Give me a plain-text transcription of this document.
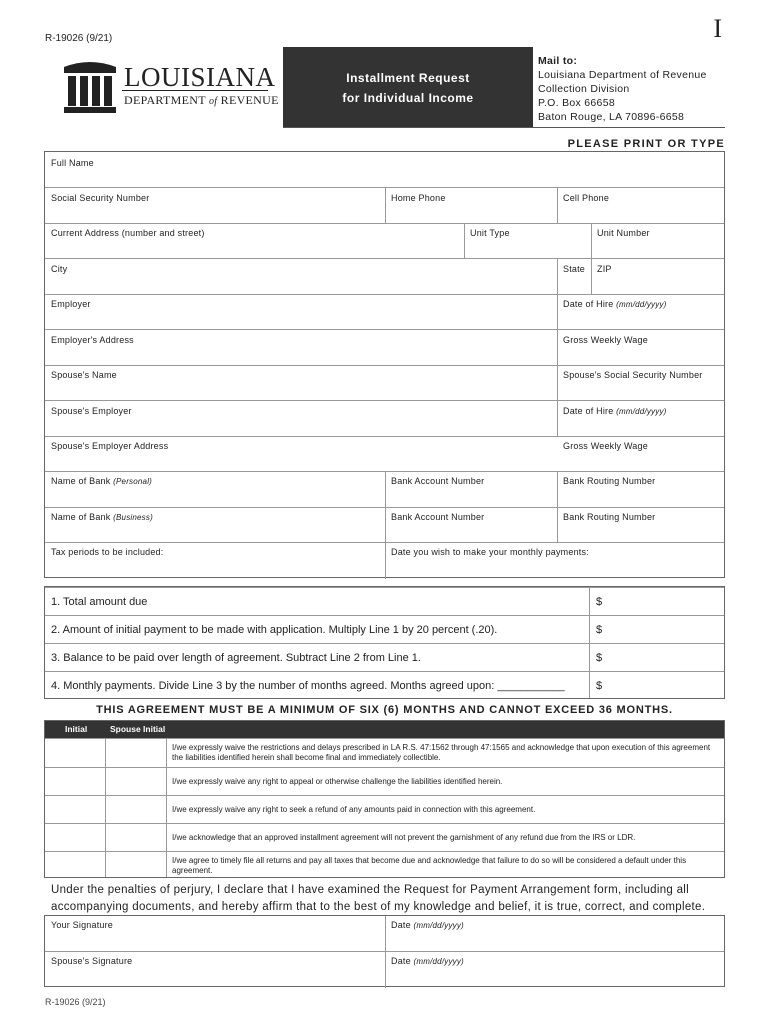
R-19026 (9/21)	I
LOUISIANA
DEPARTMENT of REVENUE
Installment Request
for Individual Income
Mail to:
Louisiana Department of Revenue
Collection Division
P.O. Box 66658
Baton Rouge, LA 70896-6658
PLEASE PRINT OR TYPE
Full Name
Social Security Number	Home Phone	Cell Phone
Current Address (number and street)	Unit Type	Unit Number
City	State ZIP
Employer	Date of Hire (mm/dd/yyyy)
Employer's Address	Gross Weekly Wage
Spouse's Name	Spouse's Social Security Number
Spouse's Employer	Date of Hire (mm/dd/yyyy)
Spouse's Employer Address	Gross Weekly Wage
Name of Bank (Personal)	Bank Account Number	Bank Routing Number
Name of Bank (Business)	Bank Account Number	Bank Routing Number
Tax periods to be included:	Date you wish to make your monthly payments:
1. Total amount due	$
2. Amount of initial payment to be made with application. Multiply Line 1 by 20 percent (.20).	$
3. Balance to be paid over length of agreement. Subtract Line 2 from Line 1.	$
4. Monthly payments. Divide Line 3 by the number of months agreed. Months agreed upon: ___________	$
THIS AGREEMENT MUST BE A MINIMUM OF SIX (6) MONTHS AND CANNOT EXCEED 36 MONTHS.
Initial	Spouse Initial
I/we expressly waive the restrictions and delays prescribed in LA R.S. 47:1562 through 47:1565 and acknowledge that upon execution of this agreement the liabilities identified herein shall become final and immediately collectible.
I/we expressly waive any right to appeal or otherwise challenge the liabilities identified herein.
I/we expressly waive any right to seek a refund of any amounts paid in connection with this agreement.
I/we acknowledge that an approved installment agreement will not prevent the garnishment of any refund due from the IRS or LDR.
I/we agree to timely file all returns and pay all taxes that become due and acknowledge that failure to do so will be considered a default under this agreement.
Under the penalties of perjury, I declare that I have examined the Request for Payment Arrangement form, including all accompanying documents, and hereby affirm that to the best of my knowledge and belief, it is true, correct, and complete.
Your Signature	Date (mm/dd/yyyy)
Spouse's Signature	Date (mm/dd/yyyy)
R-19026 (9/21)
